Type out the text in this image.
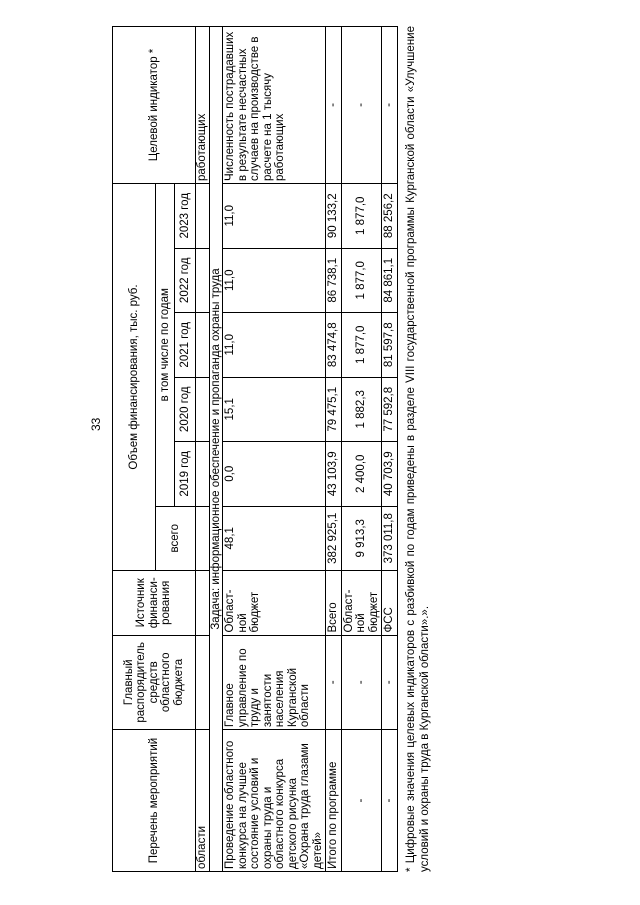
33
Перечень мероприятий	Главный распорядитель средств областного бюджета	Источник финанси-рования	Объем финансирования, тыс. руб.						Целевой индикатор *
			всего	в том числе по годам					
				2019 год	2020 год	2021 год	2022 год	2023 год	
области									работающих
Задача: информационное обеспечение и пропаганда охраны труда									
Проведение областного конкурса на лучшее состояние условий и охраны труда и областного конкурса детского рисунка «Охрана труда глазами детей»	Главное управление по труду и занятости населения Курганской области	Област-ной бюджет	48,1	0,0	15,1	11,0	11,0	11,0	Численность пострадавших в результате несчастных случаев на производстве в расчете на 1 тысячу работающих
Итого по программе	-	Всего	382 925,1	43 103,9	79 475,1	83 474,8	86 738,1	90 133,2	-
-	-	Област-ной бюджет	9 913,3	2 400,0	1 882,3	1 877,0	1 877,0	1 877,0	-
-	-	ФСС	373 011,8	40 703,9	77 592,8	81 597,8	84 861,1	88 256,2	- * Цифровые значения целевых индикаторов с разбивкой по годам приведены в разделе VIII государственной программы Курганской области «Улучшение условий и охраны труда в Курганской области».».
